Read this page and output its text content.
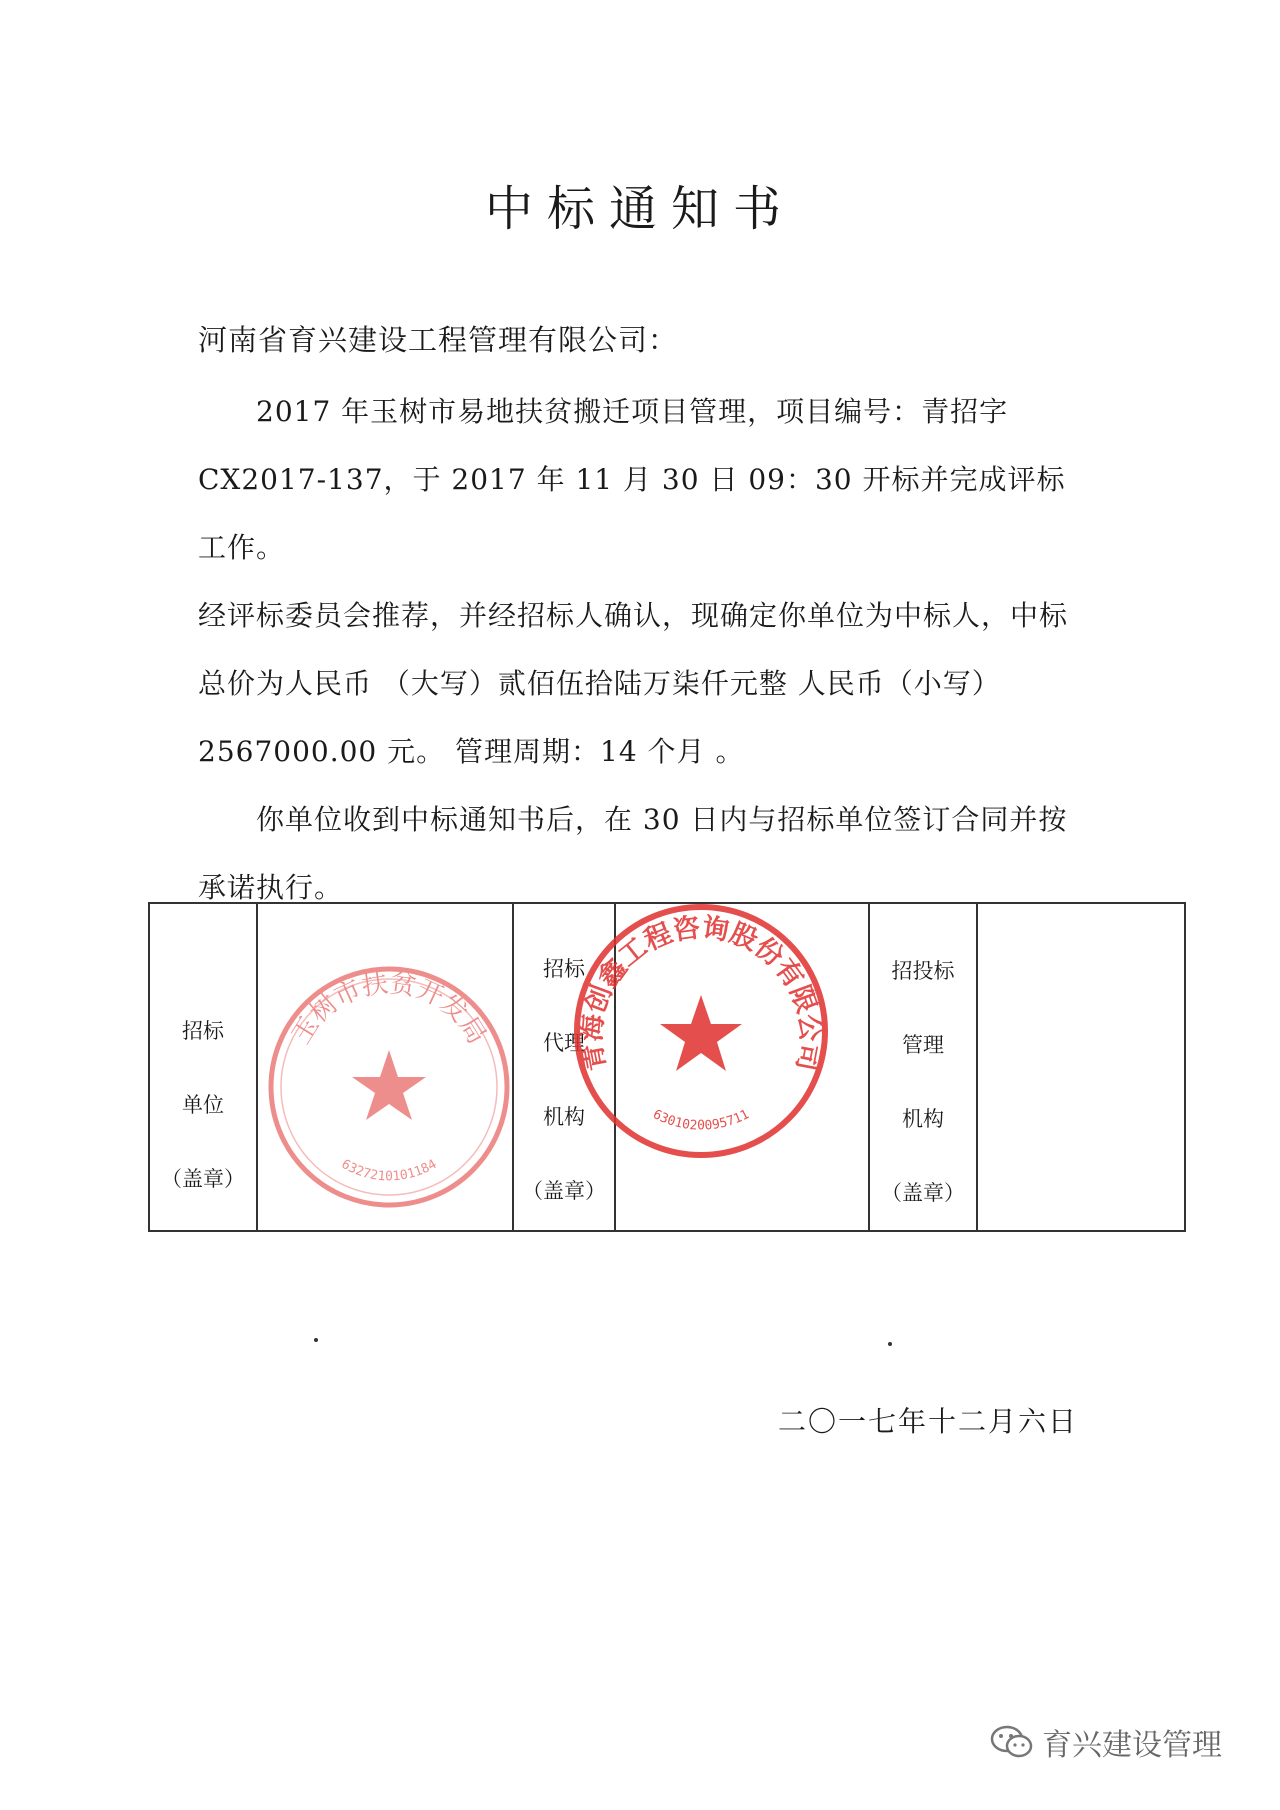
中标通知书
河南省育兴建设工程管理有限公司：

2017 年玉树市易地扶贫搬迁项目管理，项目编号：青招字

CX2017-137，于 2017 年 11 月 30 日 09：30 开标并完成评标工作。

经评标委员会推荐，并经招标人确认，现确定你单位为中标人，中标

总价为人民币 （大写）贰佰伍拾陆万柒仟元整 人民币（小写）

2567000.00 元。 管理周期：14 个月 。

你单位收到中标通知书后，在 30 日内与招标单位签订合同并按

承诺执行。

招标
单位
（盖章）
招标
代理
机构
（盖章）
招投标
管理
机构
（盖章）
玉树市扶贫开发局
6327210101184
青海创鑫工程咨询股份有限公司
6301020095711
二〇一七年十二月六日
育兴建设管理
